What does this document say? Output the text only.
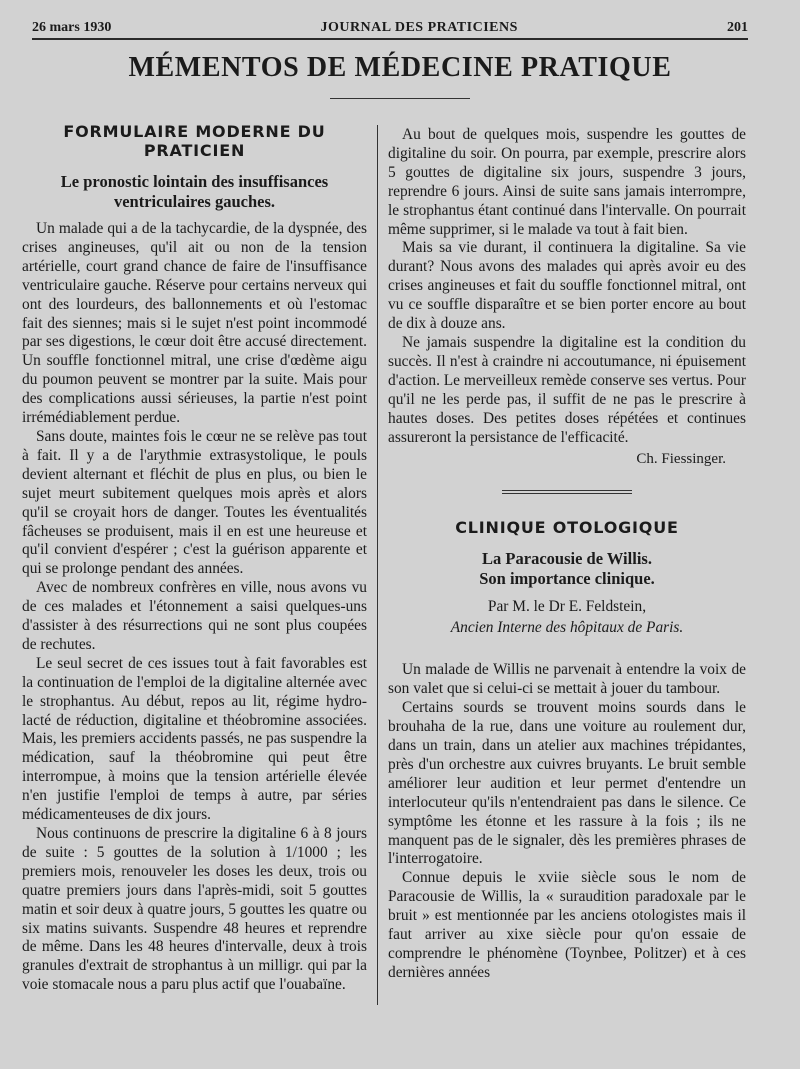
26 mars 1930	JOURNAL DES PRATICIENS	201
MÉMENTOS DE MÉDECINE PRATIQUE
FORMULAIRE MODERNE DU PRATICIEN
Le pronostic lointain des insuffisances ventriculaires gauches.

Un malade qui a de la tachycardie, de la dyspnée, des crises angineuses, qu'il ait ou non de la tension artérielle, court grand chance de faire de l'insuffisance ventriculaire gauche. Réserve pour certains nerveux qui ont des lourdeurs, des ballonnements et où l'estomac fait des siennes; mais si le sujet n'est point incommodé par ses digestions, le cœur doit être accusé directement. Un souffle fonctionnel mitral, une crise d'œdème aigu du poumon peuvent se montrer par la suite. Mais pour des complications aussi sérieuses, la partie n'est point irrémédiablement perdue.

Sans doute, maintes fois le cœur ne se relève pas tout à fait. Il y a de l'arythmie extrasystolique, le pouls devient alternant et fléchit de plus en plus, ou bien le sujet meurt subitement quelques mois après et alors qu'il se croyait hors de danger. Toutes les éventualités fâcheuses se produisent, mais il en est une heureuse et qu'il convient d'espérer ; c'est la guérison apparente et qui se prolonge pendant des années.

Avec de nombreux confrères en ville, nous avons vu de ces malades et l'étonnement a saisi quelques-uns d'assister à des résurrections qui ne sont plus coupées de rechutes.

Le seul secret de ces issues tout à fait favorables est la continuation de l'emploi de la digitaline alternée avec le strophantus. Au début, repos au lit, régime hydro-lacté de réduction, digitaline et théobromine associées. Mais, les premiers accidents passés, ne pas suspendre la médication, sauf la théobromine qui peut être interrompue, à moins que la tension artérielle élevée n'en justifie l'emploi de temps à autre, par séries médicamenteuses de dix jours.

Nous continuons de prescrire la digitaline 6 à 8 jours de suite : 5 gouttes de la solution à 1/1000 ; les premiers mois, renouveler les doses les deux, trois ou quatre premiers jours dans l'après-midi, soit 5 gouttes matin et soir deux à quatre jours, 5 gouttes les quatre ou six matins suivants. Suspendre 48 heures et reprendre de même. Dans les 48 heures d'intervalle, deux à trois granules d'extrait de strophantus à un milligr. qui par la voie stomacale nous a paru plus actif que l'ouabaïne.

Au bout de quelques mois, suspendre les gouttes de digitaline du soir. On pourra, par exemple, prescrire alors 5 gouttes de digitaline six jours, suspendre 3 jours, reprendre 6 jours. Ainsi de suite sans jamais interrompre, le strophantus étant continué dans l'intervalle. On pourrait même supprimer, si le malade va tout à fait bien.

Mais sa vie durant, il continuera la digitaline. Sa vie durant? Nous avons des malades qui après avoir eu des crises angineuses et fait du souffle fonctionnel mitral, ont vu ce souffle disparaître et se bien porter encore au bout de dix à douze ans.

Ne jamais suspendre la digitaline est la condition du succès. Il n'est à craindre ni accoutumance, ni épuisement d'action. Le merveilleux remède conserve ses vertus. Pour qu'il ne les perde pas, il suffit de ne pas le prescrire à hautes doses. Des petites doses répétées et continues assureront la persistance de l'efficacité.

Ch. Fiessinger.
CLINIQUE OTOLOGIQUE
La Paracousie de Willis.
Son importance clinique.
Par M. le Dr E. Feldstein,
Ancien Interne des hôpitaux de Paris.

Un malade de Willis ne parvenait à entendre la voix de son valet que si celui-ci se mettait à jouer du tambour.

Certains sourds se trouvent moins sourds dans le brouhaha de la rue, dans une voiture au roulement dur, dans un train, dans un atelier aux machines trépidantes, près d'un orchestre aux cuivres bruyants. Le bruit semble améliorer leur audition et leur permet d'entendre un interlocuteur qu'ils n'entendraient pas dans le silence. Ce symptôme les étonne et les rassure à la fois ; ils ne manquent pas de le signaler, dès les premières phrases de l'interrogatoire.

Connue depuis le xviie siècle sous le nom de Paracousie de Willis, la « suraudition paradoxale par le bruit » est mentionnée par les anciens otologistes mais il faut arriver au xixe siècle pour qu'on essaie de comprendre le phénomène (Toynbee, Politzer) et à ces dernières années
